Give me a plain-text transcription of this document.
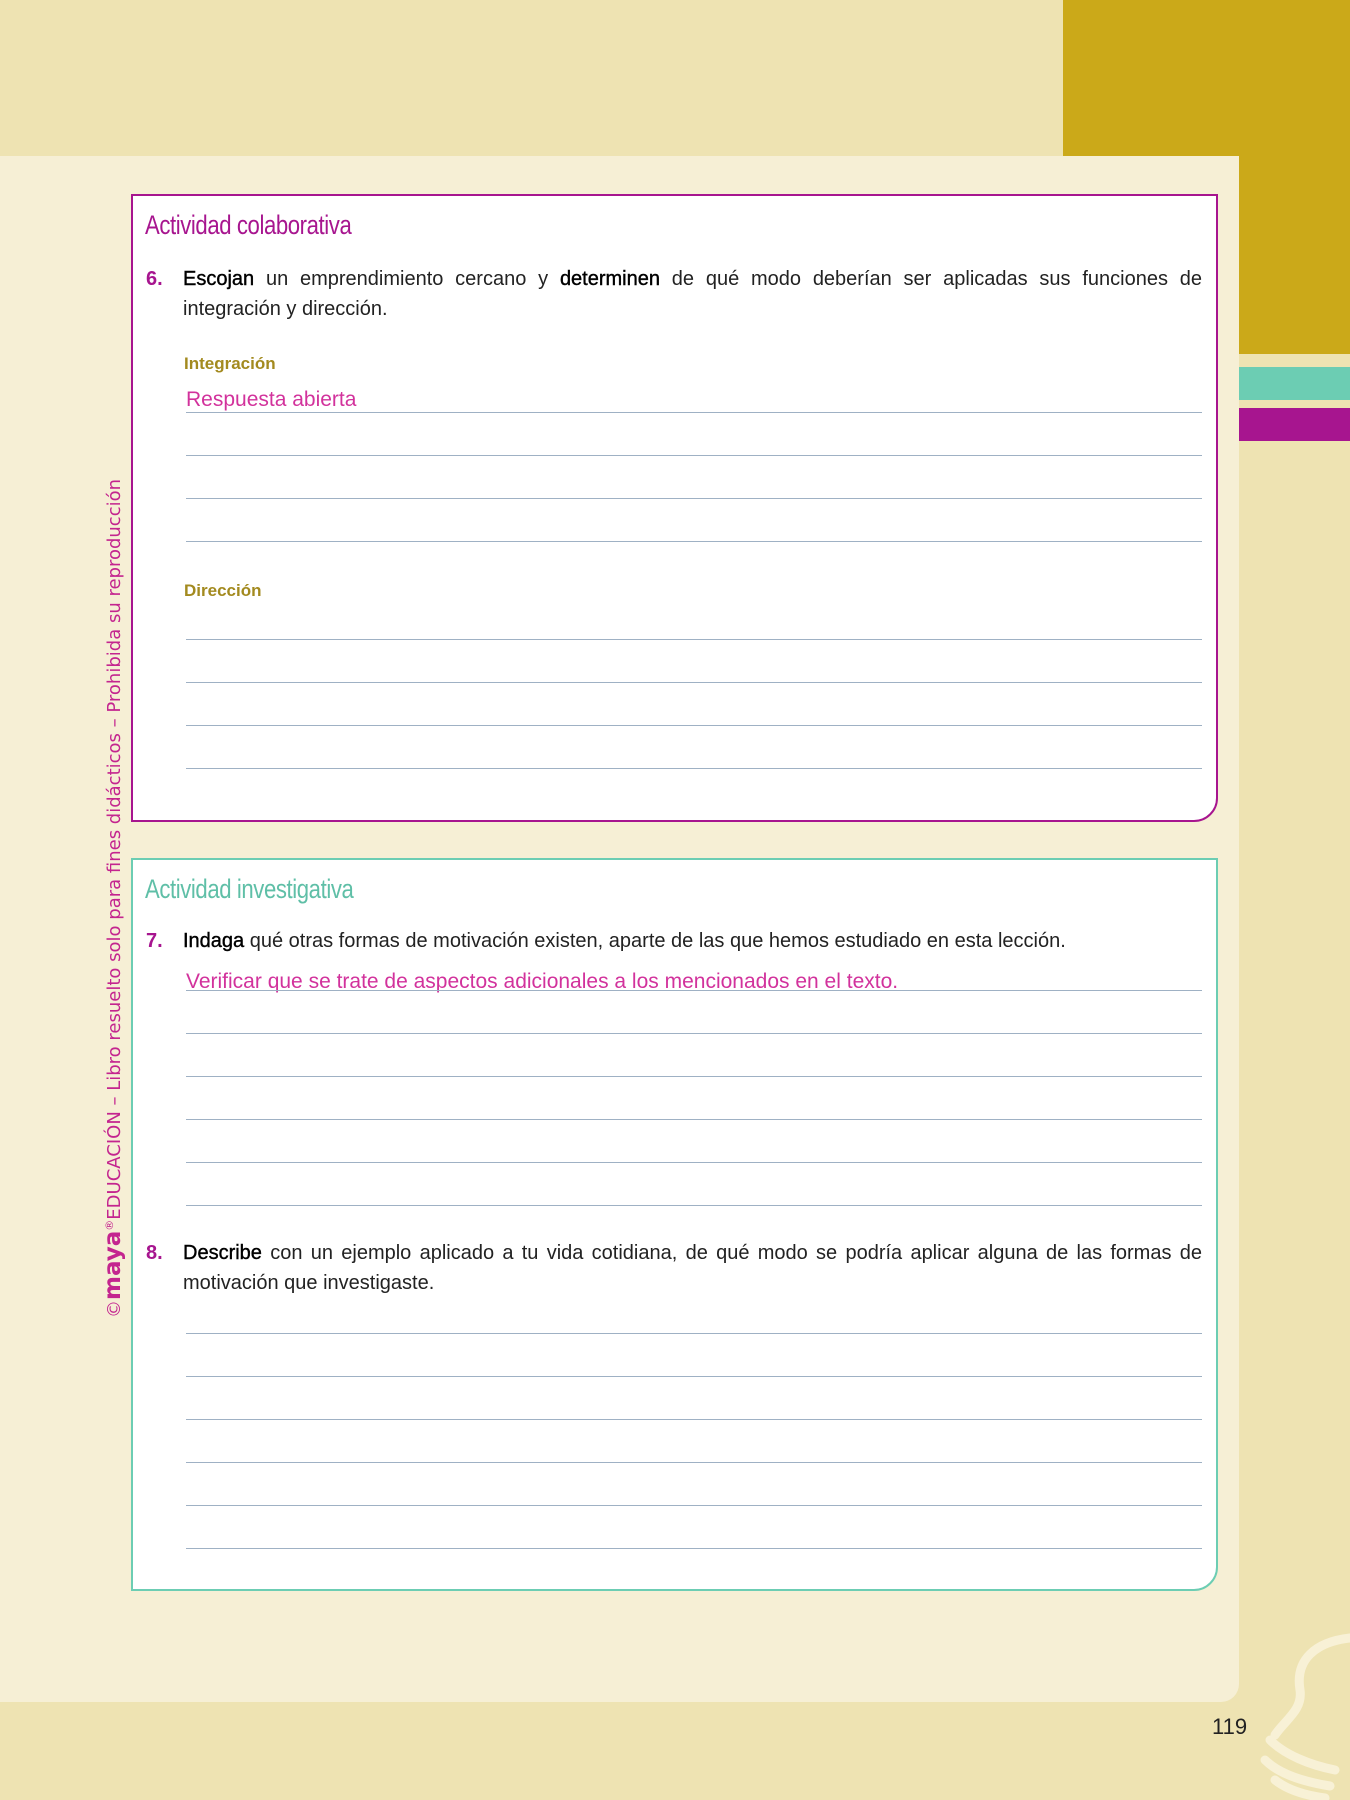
©maya®EDUCACIÓN – Libro resuelto solo para fines didácticos – Prohibida su reproducción
Actividad colaborativa
6. Escojan un emprendimiento cercano y determinen de qué modo deberían ser aplicadas sus funciones de integración y dirección.
Integración
Respuesta abierta
Dirección
Actividad investigativa
7. Indaga qué otras formas de motivación existen, aparte de las que hemos estudiado en esta lección.
Verificar que se trate de aspectos adicionales a los mencionados en el texto.
8. Describe con un ejemplo aplicado a tu vida cotidiana, de qué modo se podría aplicar alguna de las formas de motivación que investigaste.
119
